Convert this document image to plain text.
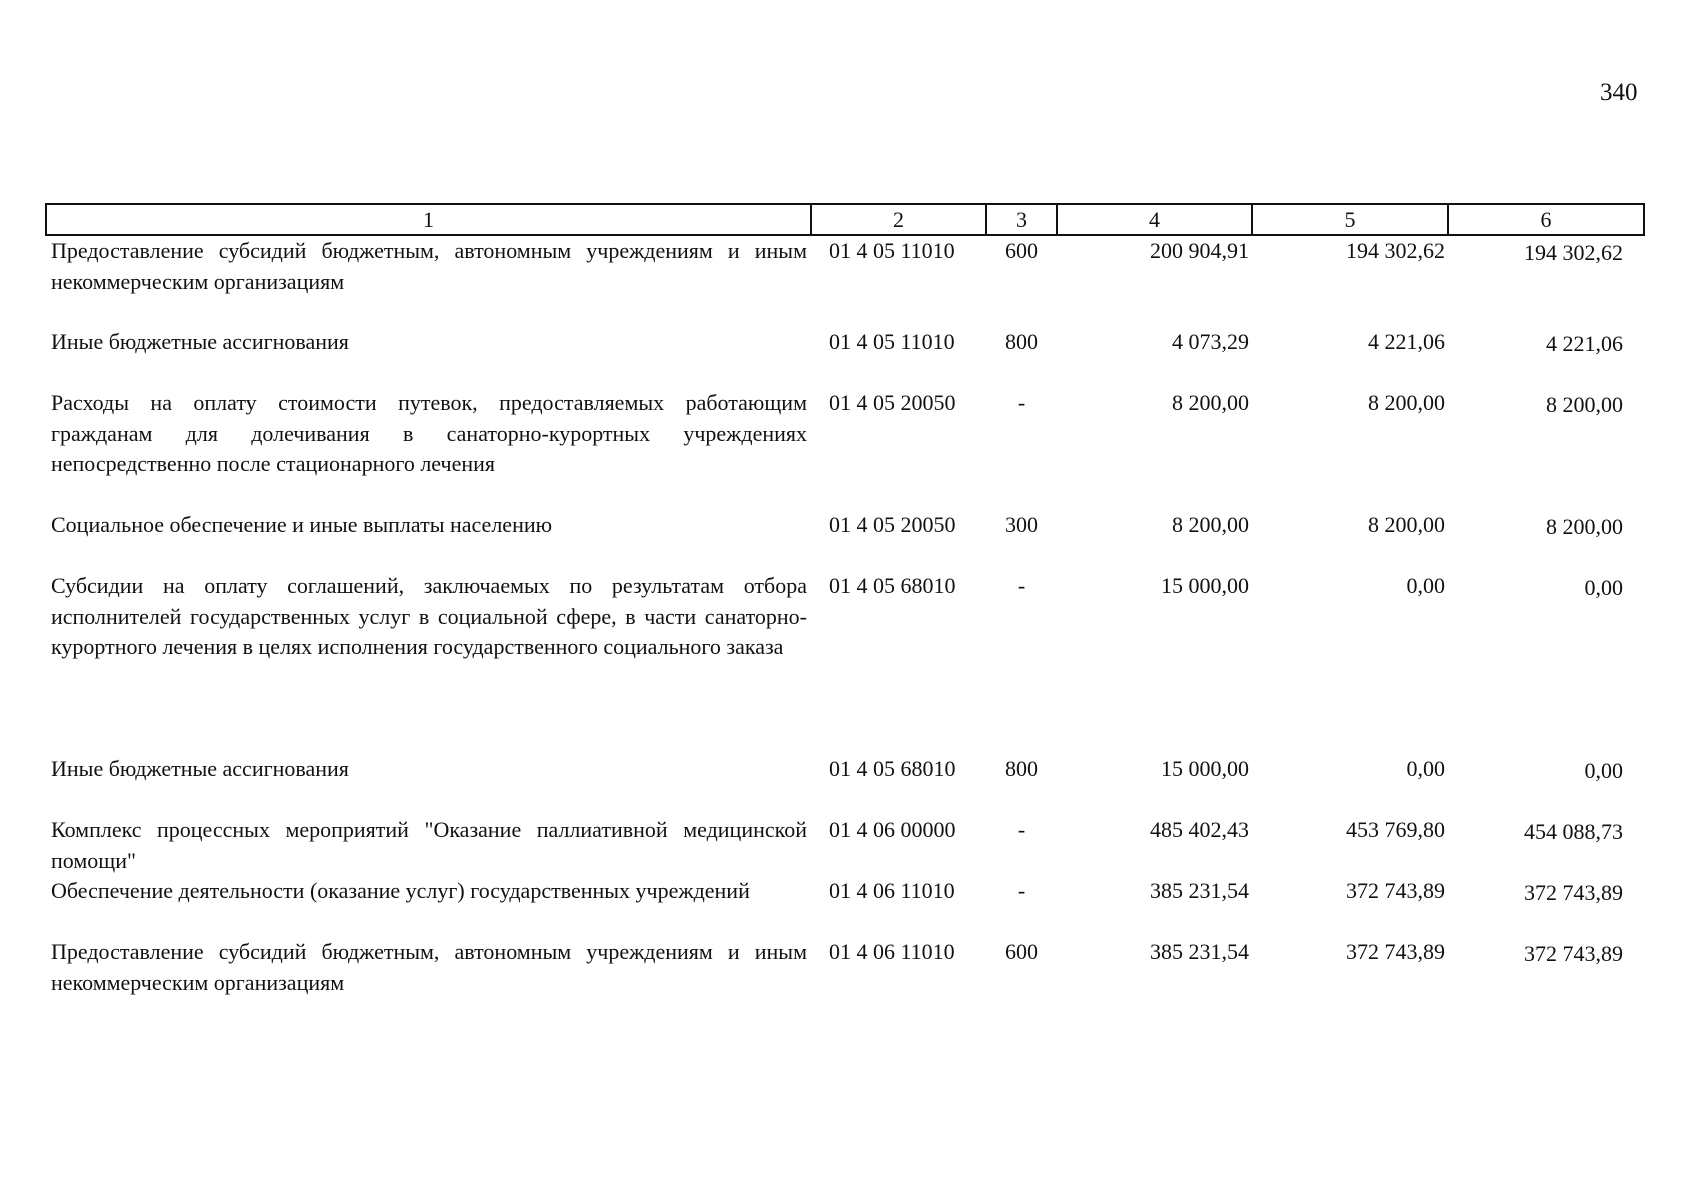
340
1	2	3	4	5	6
Предоставление субсидий бюджетным, автономным учреждениям и иным некоммерческим организациям	01 4 05 11010	600	200 904,91	194 302,62	194 302,62
Иные бюджетные ассигнования	01 4 05 11010	800	4 073,29	4 221,06	4 221,06
Расходы на оплату стоимости путевок, предоставляемых работающим гражданам для долечивания в санаторно-курортных учреждениях непосредственно после стационарного лечения	01 4 05 20050	-	8 200,00	8 200,00	8 200,00
Социальное обеспечение и иные выплаты населению	01 4 05 20050	300	8 200,00	8 200,00	8 200,00
Субсидии на оплату соглашений, заключаемых по результатам отбора исполнителей государственных услуг в социальной сфере, в части санаторно-курортного лечения в целях исполнения государственного социального заказа	01 4 05 68010	-	15 000,00	0,00	0,00
Иные бюджетные ассигнования	01 4 05 68010	800	15 000,00	0,00	0,00
Комплекс процессных мероприятий "Оказание паллиативной медицинской помощи"	01 4 06 00000	-	485 402,43	453 769,80	454 088,73
Обеспечение деятельности (оказание услуг) государственных учреждений	01 4 06 11010	-	385 231,54	372 743,89	372 743,89
Предоставление субсидий бюджетным, автономным учреждениям и иным некоммерческим организациям	01 4 06 11010	600	385 231,54	372 743,89	372 743,89
